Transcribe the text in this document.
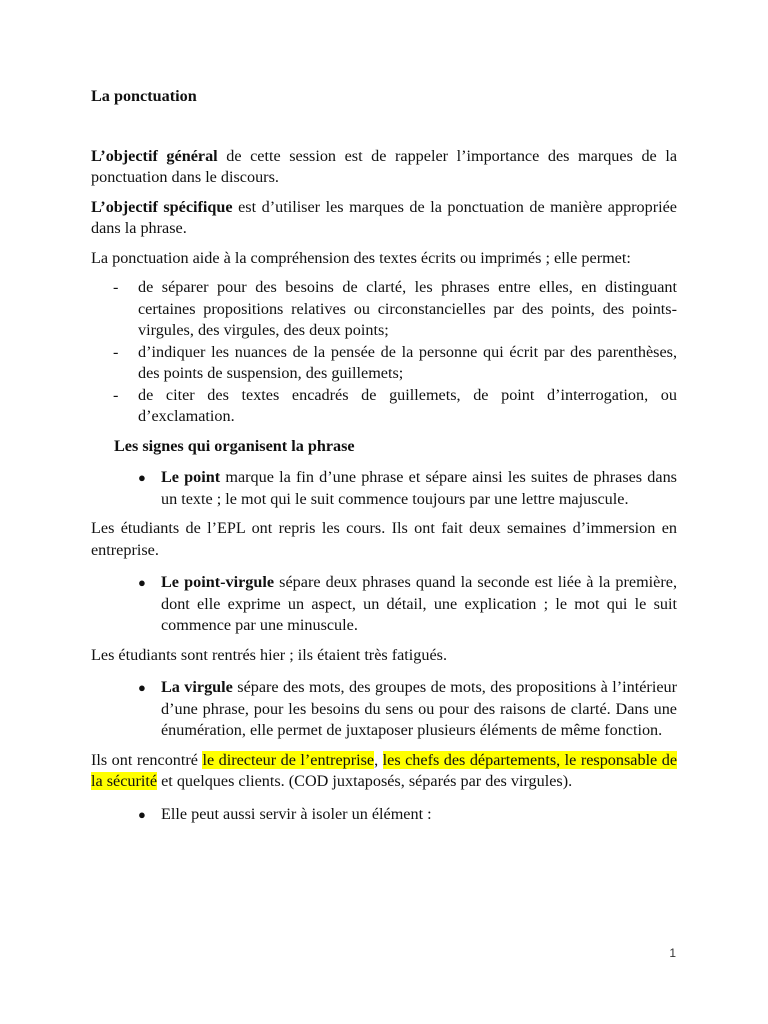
La ponctuation

L’objectif général de cette session est de rappeler l’importance des marques de la ponctuation dans le discours.

L’objectif spécifique est d’utiliser les marques de la ponctuation de manière appropriée dans la phrase.

La ponctuation aide à la compréhension des textes écrits ou imprimés ; elle permet:

- de séparer pour des besoins de clarté, les phrases entre elles, en distinguant certaines propositions relatives ou circonstancielles par des points, des points-virgules, des virgules, des deux points;
- d’indiquer les nuances de la pensée de la personne qui écrit par des parenthèses, des points de suspension, des guillemets;
- de citer des textes encadrés de guillemets, de point d’interrogation, ou d’exclamation.

Les signes qui organisent la phrase

● Le point marque la fin d’une phrase et sépare ainsi les suites de phrases dans un texte ; le mot qui le suit commence toujours par une lettre majuscule.

Les étudiants de l’EPL ont repris les cours. Ils ont fait deux semaines d’immersion en entreprise.

● Le point-virgule sépare deux phrases quand la seconde est liée à la première, dont elle exprime un aspect, un détail, une explication ; le mot qui le suit commence par une minuscule.

Les étudiants sont rentrés hier ; ils étaient très fatigués.

● La virgule sépare des mots, des groupes de mots, des propositions à l’intérieur d’une phrase, pour les besoins du sens ou pour des raisons de clarté. Dans une énumération, elle permet de juxtaposer plusieurs éléments de même fonction.

Ils ont rencontré le directeur de l’entreprise, les chefs des départements, le responsable de la sécurité et quelques clients. (COD juxtaposés, séparés par des virgules).

● Elle peut aussi servir à isoler un élément :
1
